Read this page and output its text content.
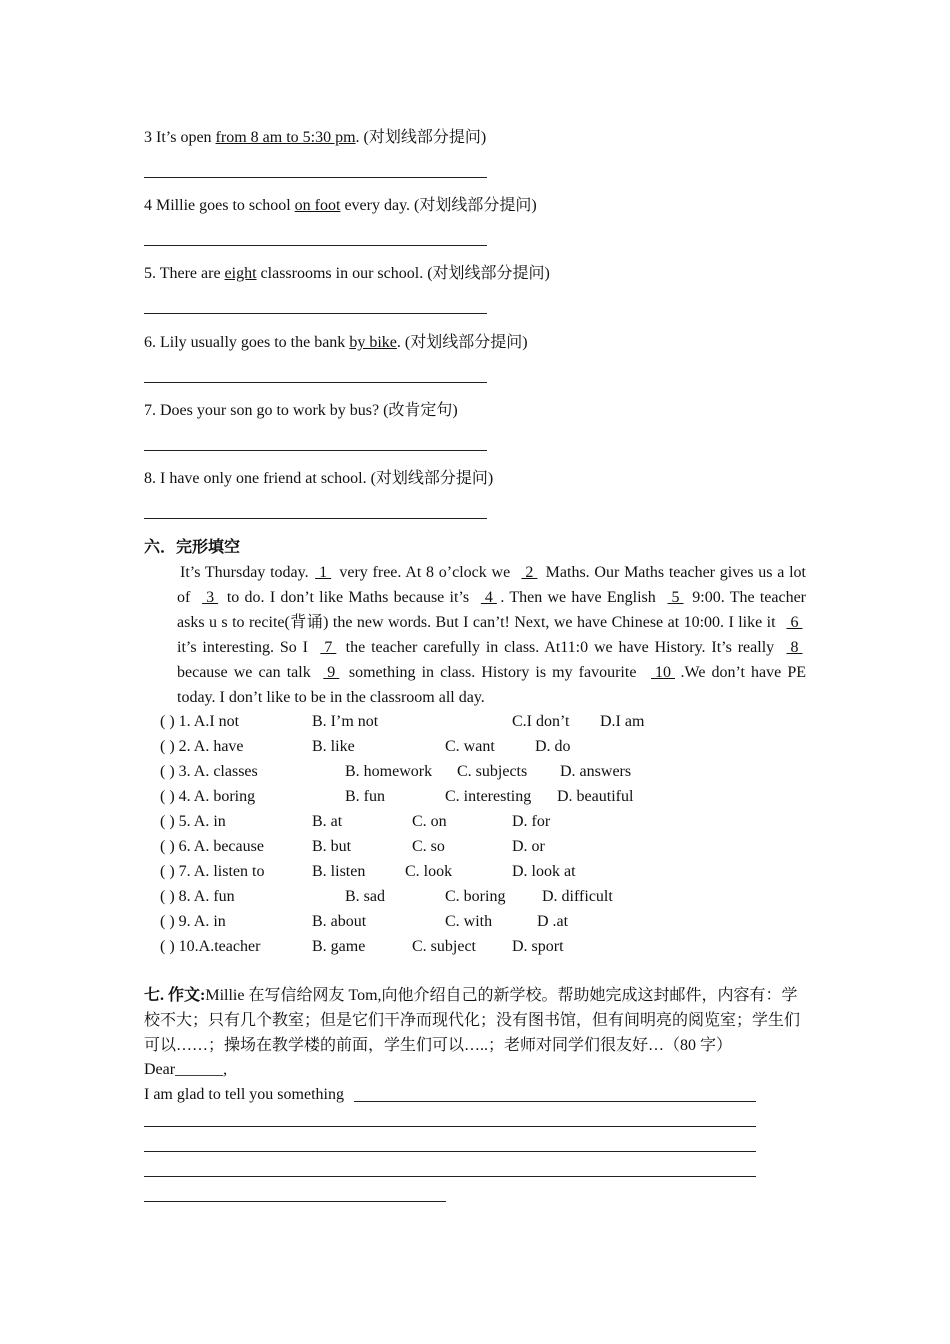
3 It’s open from 8 am to 5:30 pm. (对划线部分提问)
4 Millie goes to school on foot every day. (对划线部分提问)
5. There are eight classrooms in our school. (对划线部分提问)
6. Lily usually goes to the bank by bike. (对划线部分提问)
7. Does your son go to work by bus? (改肯定句)
8. I have only one friend at school. (对划线部分提问)
六．完形填空
It’s Thursday today. 1  very free. At 8 o’clock we  2  Maths. Our Maths teacher gives us a lot of  3  to do. I don’t like Maths because it’s  4 . Then we have English  5  9:00. The teacher asks u s to recite(背诵) the new words. But I can’t! Next, we have Chinese at 10:00. I like it  6  it’s interesting. So I  7  the teacher carefully in class. At11:0 we have History. It’s really  8  because we can talk  9  something in class. History is my favourite  10 .We don’t have PE today. I don’t like to be in the classroom all day.
( ) 1. A.I not	B. I’m not	C.I don’t D.I am
( ) 2. A. have	B. like	C. want	D. do
( ) 3. A. classes	B. homework C. subjects D. answers
( ) 4. A. boring	B. fun	C. interesting D. beautiful
( ) 5. A. in	B. at	C. on	D. for
( ) 6. A. because	B. but	C. so	D. or
( ) 7. A. listen to	B. listen C. look	D. look at
( ) 8. A. fun	B. sad	C. boring D. difficult
( ) 9. A. in	B. about	C. with	D .at
( ) 10.A.teacher	B. game	C. subject D. sport
七. 作文:Millie 在写信给网友 Tom,向他介绍自己的新学校。帮助她完成这封邮件，内容有：学校不大；只有几个教室；但是它们干净而现代化；没有图书馆，但有间明亮的阅览室；学生们可以……；操场在教学楼的前面，学生们可以…..；老师对同学们很友好…（80 字）
Dear______,
I am glad to tell you something
